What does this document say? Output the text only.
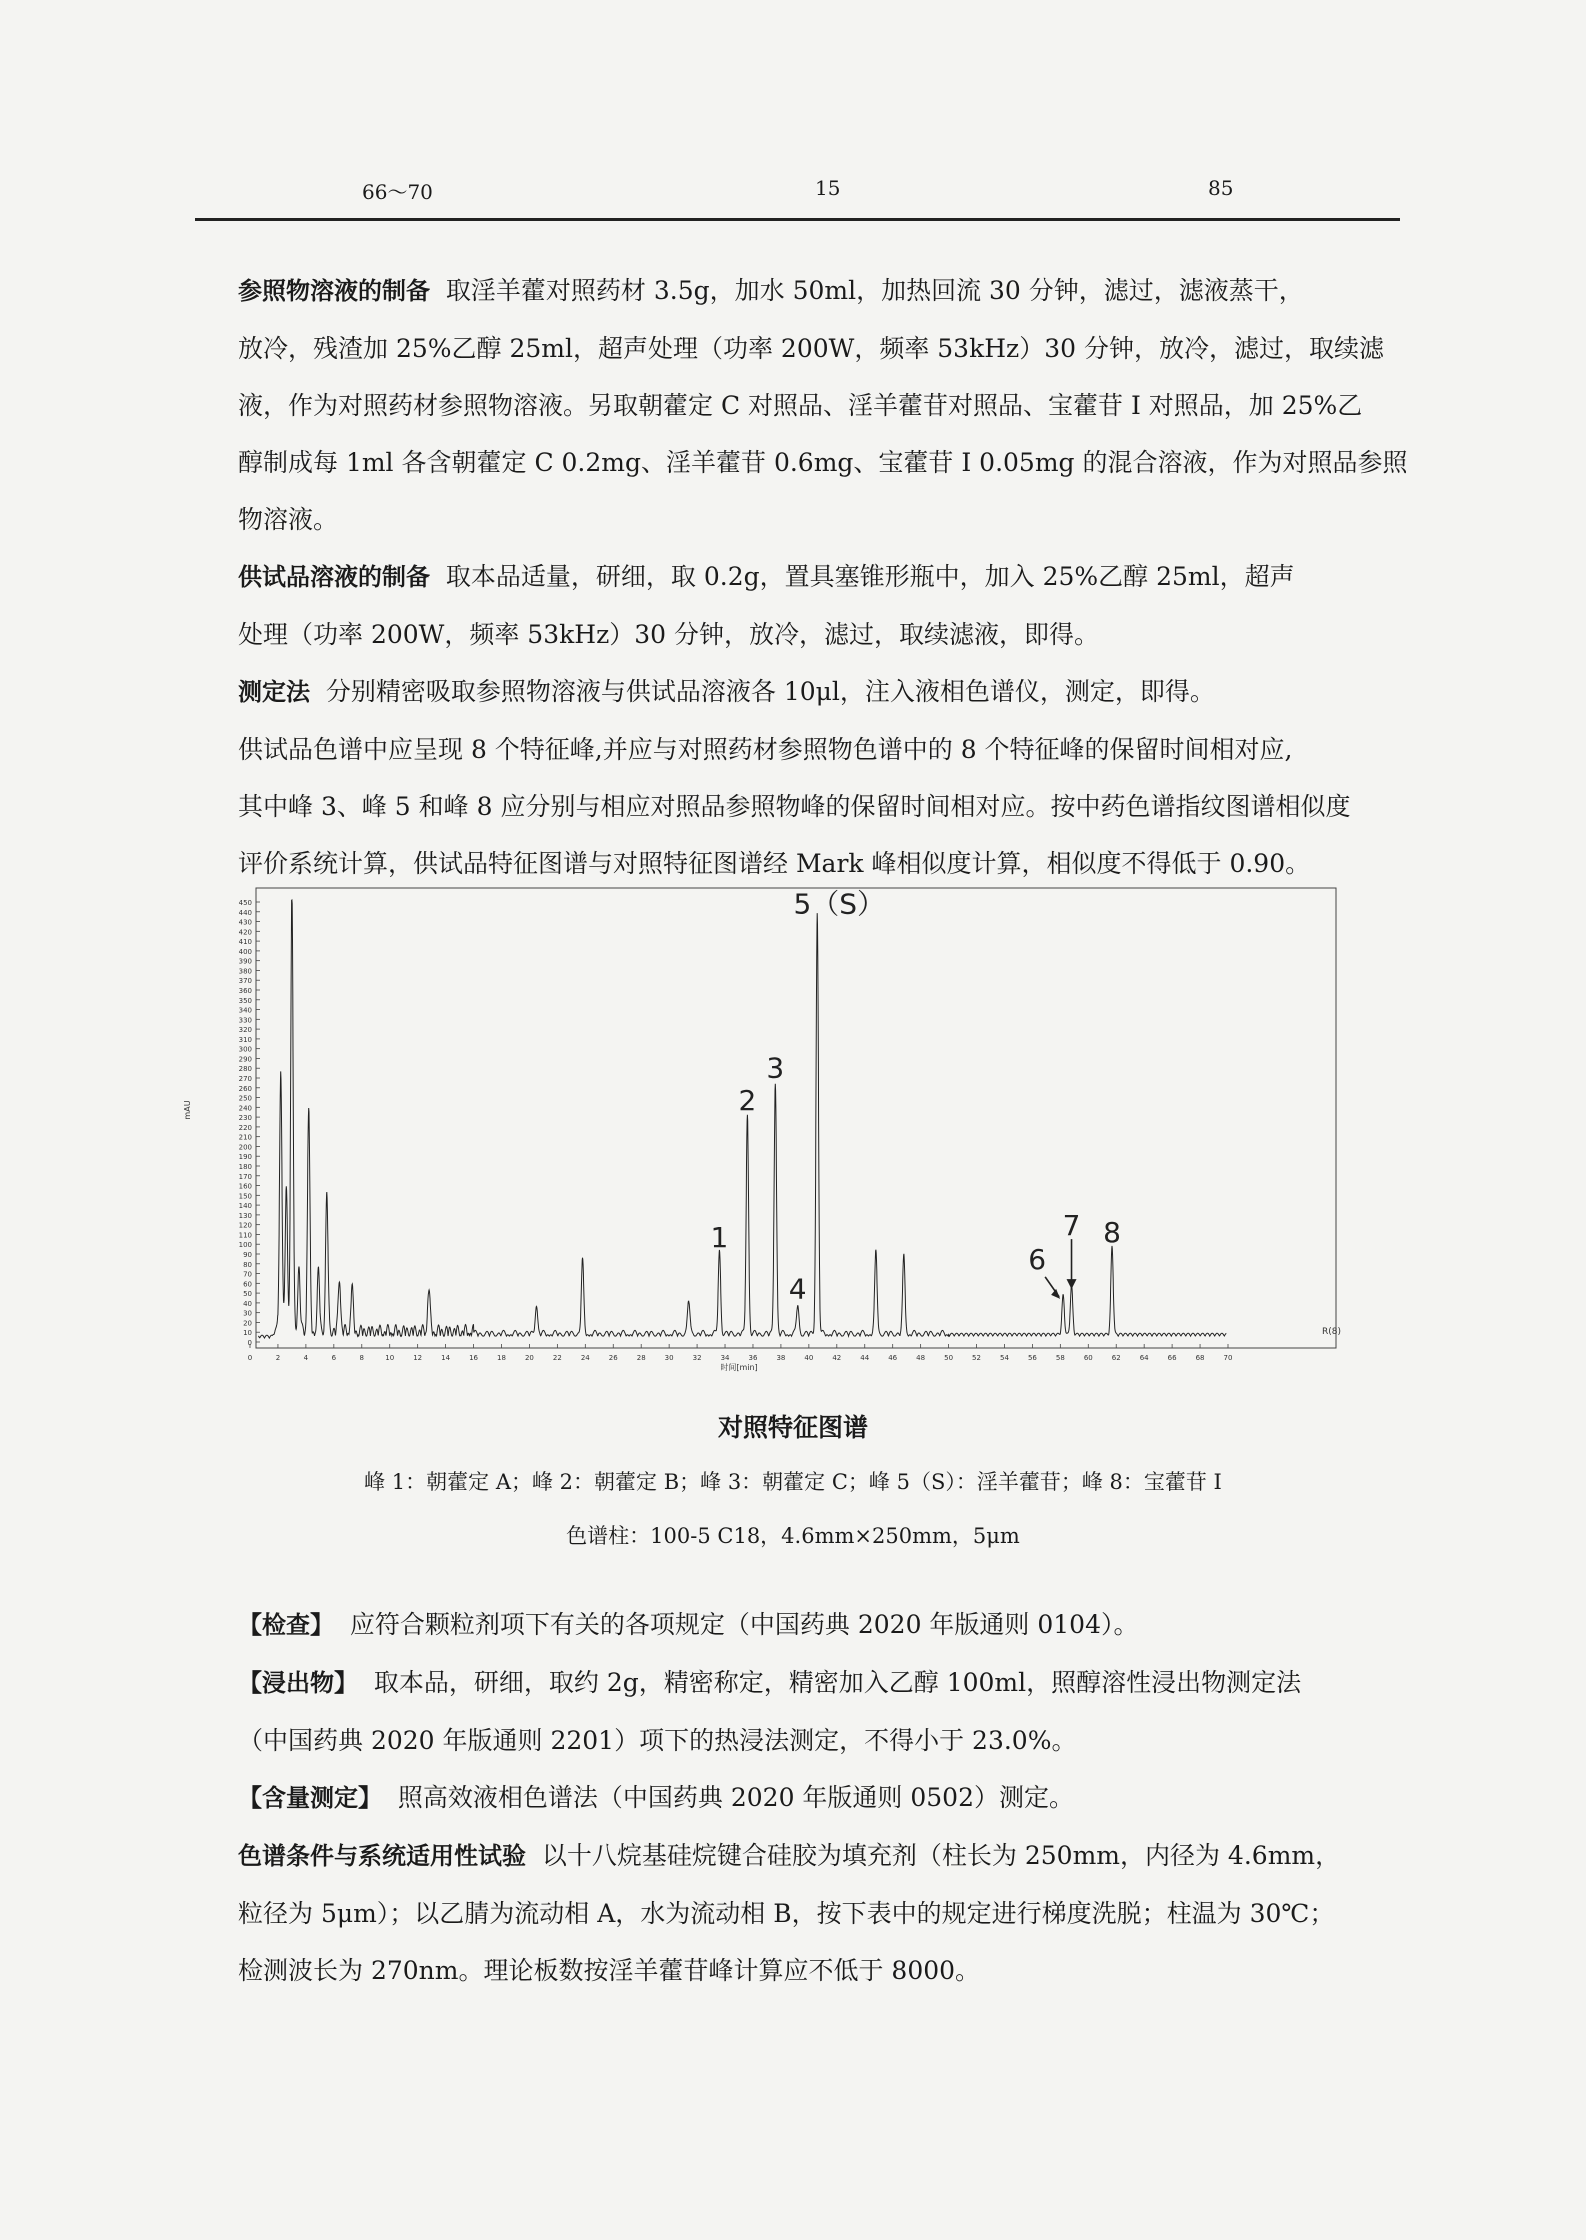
66～70	15	85

参照物溶液的制备 取淫羊藿对照药材 3.5g，加水 50ml，加热回流 30 分钟，滤过，滤液蒸干，

放冷，残渣加 25%乙醇 25ml，超声处理（功率 200W，频率 53kHz）30 分钟，放冷，滤过，取续滤

液，作为对照药材参照物溶液。另取朝藿定 C 对照品、淫羊藿苷对照品、宝藿苷 I 对照品，加 25%乙

醇制成每 1ml 各含朝藿定 C 0.2mg、淫羊藿苷 0.6mg、宝藿苷 I 0.05mg 的混合溶液，作为对照品参照

物溶液。

供试品溶液的制备 取本品适量，研细，取 0.2g，置具塞锥形瓶中，加入 25%乙醇 25ml，超声

处理（功率 200W，频率 53kHz）30 分钟，放冷，滤过，取续滤液，即得。

测定法 分别精密吸取参照物溶液与供试品溶液各 10μl，注入液相色谱仪，测定，即得。

供试品色谱中应呈现 8 个特征峰,并应与对照药材参照物色谱中的 8 个特征峰的保留时间相对应,

其中峰 3、峰 5 和峰 8 应分别与相应对照品参照物峰的保留时间相对应。按中药色谱指纹图谱相似度

评价系统计算，供试品特征图谱与对照特征图谱经 Mark 峰相似度计算，相似度不得低于 0.90。

0
10
20
30
40
50
60
70
80
90
100
110
120
130
140
150
160
170
180
190
200
210
220
230
240
250
260
270
280
290
300
310
320
330
340
350
360
370
380
390
400
410
420
430
440
450
0	2	4	6	8	10	12	14	16	18	20	22	24	26	28	30	32	34	36	38	40	42	44	46	48	50	52	54	56	58	60	62	64	66	68	70
mAU
时间[min]
R(8)
1
2
3
4
5（S）
6
7 8
对照特征图谱
峰 1：朝藿定 A；峰 2：朝藿定 B；峰 3：朝藿定 C；峰 5（S）：淫羊藿苷；峰 8：宝藿苷 I
色谱柱：100-5 C18，4.6mm×250mm，5μm

【检查】 应符合颗粒剂项下有关的各项规定（中国药典 2020 年版通则 0104）。

【浸出物】 取本品，研细，取约 2g，精密称定，精密加入乙醇 100ml，照醇溶性浸出物测定法

（中国药典 2020 年版通则 2201）项下的热浸法测定，不得小于 23.0%。

【含量测定】 照高效液相色谱法（中国药典 2020 年版通则 0502）测定。

色谱条件与系统适用性试验 以十八烷基硅烷键合硅胶为填充剂（柱长为 250mm，内径为 4.6mm，

粒径为 5μm）；以乙腈为流动相 A，水为流动相 B，按下表中的规定进行梯度洗脱；柱温为 30℃；

检测波长为 270nm。理论板数按淫羊藿苷峰计算应不低于 8000。
